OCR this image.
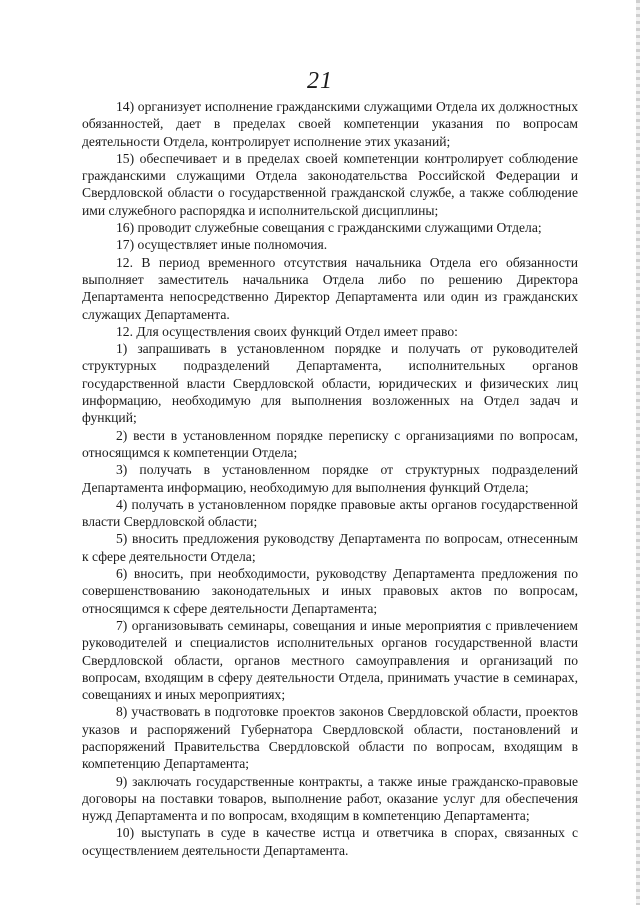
21

14) организует исполнение гражданскими служащими Отдела их должностных обязанностей, дает в пределах своей компетенции указания по вопросам деятельности Отдела, контролирует исполнение этих указаний;

15) обеспечивает и в пределах своей компетенции контролирует соблюдение гражданскими служащими Отдела законодательства Российской Федерации и Свердловской области о государственной гражданской службе, а также соблюдение ими служебного распорядка и исполнительской дисциплины;

16) проводит служебные совещания с гражданскими служащими Отдела;

17) осуществляет иные полномочия.

12. В период временного отсутствия начальника Отдела его обязанности выполняет заместитель начальника Отдела либо по решению Директора Департамента непосредственно Директор Департамента или один из гражданских служащих Департамента.

12. Для осуществления своих функций Отдел имеет право:

1) запрашивать в установленном порядке и получать от руководителей структурных подразделений Департамента, исполнительных органов государственной власти Свердловской области, юридических и физических лиц информацию, необходимую для выполнения возложенных на Отдел задач и функций;

2) вести в установленном порядке переписку с организациями по вопросам, относящимся к компетенции Отдела;

3) получать в установленном порядке от структурных подразделений Департамента информацию, необходимую для выполнения функций Отдела;

4) получать в установленном порядке правовые акты органов государственной власти Свердловской области;

5) вносить предложения руководству Департамента по вопросам, отнесенным к сфере деятельности Отдела;

6) вносить, при необходимости, руководству Департамента предложения по совершенствованию законодательных и иных правовых актов по вопросам, относящимся к сфере деятельности Департамента;

7) организовывать семинары, совещания и иные мероприятия с привлечением руководителей и специалистов исполнительных органов государственной власти Свердловской области, органов местного самоуправления и организаций по вопросам, входящим в сферу деятельности Отдела, принимать участие в семинарах, совещаниях и иных мероприятиях;

8) участвовать в подготовке проектов законов Свердловской области, проектов указов и распоряжений Губернатора Свердловской области, постановлений и распоряжений Правительства Свердловской области по вопросам, входящим в компетенцию Департамента;

9) заключать государственные контракты, а также иные гражданско-правовые договоры на поставки товаров, выполнение работ, оказание услуг для обеспечения нужд Департамента и по вопросам, входящим в компетенцию Департамента;

10) выступать в суде в качестве истца и ответчика в спорах, связанных с осуществлением деятельности Департамента.
